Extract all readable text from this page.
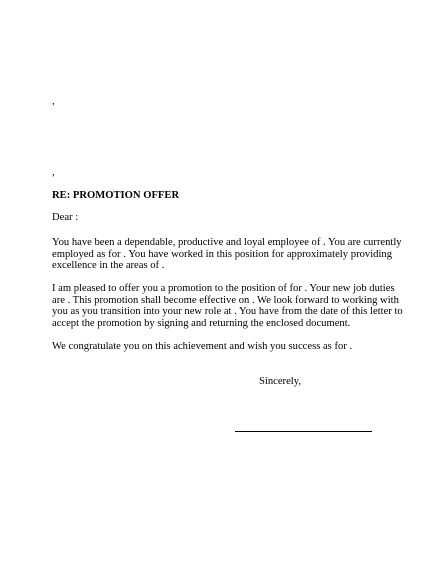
,

,

RE: PROMOTION OFFER

Dear :

You have been a dependable, productive and loyal employee of . You are currently
employed as for . You have worked in this position for approximately providing
excellence in the areas of .
I am pleased to offer you a promotion to the position of for . Your new job duties
are . This promotion shall become effective on . We look forward to working with
you as you transition into your new role at . You have from the date of this letter to
accept the promotion by signing and returning the enclosed document.
We congratulate you on this achievement and wish you success as for .

Sincerely,
